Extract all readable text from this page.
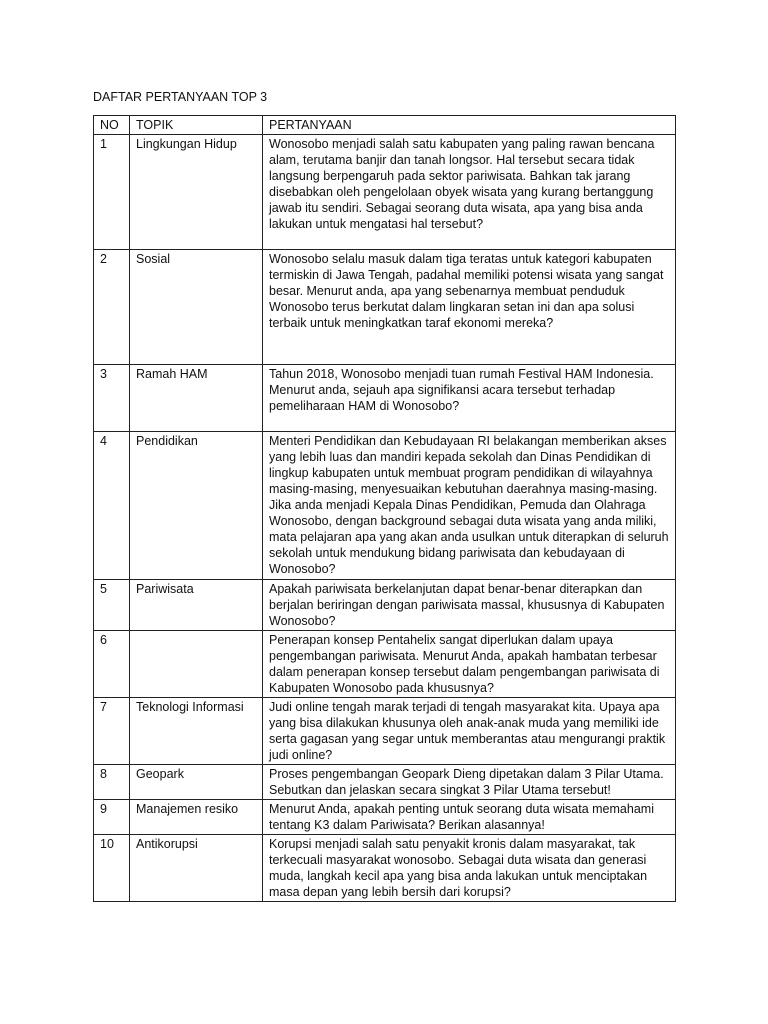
DAFTAR PERTANYAAN TOP 3
NO	TOPIK	PERTANYAAN
1	Lingkungan Hidup	Wonosobo menjadi salah satu kabupaten yang paling rawan bencana alam, terutama banjir dan tanah longsor. Hal tersebut secara tidak langsung berpengaruh pada sektor pariwisata. Bahkan tak jarang disebabkan oleh pengelolaan obyek wisata yang kurang bertanggung jawab itu sendiri. Sebagai seorang duta wisata, apa yang bisa anda lakukan untuk mengatasi hal tersebut?
2	Sosial	Wonosobo selalu masuk dalam tiga teratas untuk kategori kabupaten termiskin di Jawa Tengah, padahal memiliki potensi wisata yang sangat besar. Menurut anda, apa yang sebenarnya membuat penduduk Wonosobo terus berkutat dalam lingkaran setan ini dan apa solusi terbaik untuk meningkatkan taraf ekonomi mereka?
3	Ramah HAM	Tahun 2018, Wonosobo menjadi tuan rumah Festival HAM Indonesia. Menurut anda, sejauh apa signifikansi acara tersebut terhadap pemeliharaan HAM di Wonosobo?
4	Pendidikan	Menteri Pendidikan dan Kebudayaan RI belakangan memberikan akses yang lebih luas dan mandiri kepada sekolah dan Dinas Pendidikan di lingkup kabupaten untuk membuat program pendidikan di wilayahnya masing-masing, menyesuaikan kebutuhan daerahnya masing-masing. Jika anda menjadi Kepala Dinas Pendidikan, Pemuda dan Olahraga Wonosobo, dengan background sebagai duta wisata yang anda miliki, mata pelajaran apa yang akan anda usulkan untuk diterapkan di seluruh sekolah untuk mendukung bidang pariwisata dan kebudayaan di Wonosobo?
5	Pariwisata	Apakah pariwisata berkelanjutan dapat benar-benar diterapkan dan berjalan beriringan dengan pariwisata massal, khususnya di Kabupaten Wonosobo?
6		Penerapan konsep Pentahelix sangat diperlukan dalam upaya pengembangan pariwisata. Menurut Anda, apakah hambatan terbesar dalam penerapan konsep tersebut dalam pengembangan pariwisata di Kabupaten Wonosobo pada khususnya?
7	Teknologi Informasi	Judi online tengah marak terjadi di tengah masyarakat kita. Upaya apa yang bisa dilakukan khusunya oleh anak-anak muda yang memiliki ide serta gagasan yang segar untuk memberantas atau mengurangi praktik judi online?
8	Geopark	Proses pengembangan Geopark Dieng dipetakan dalam 3 Pilar Utama. Sebutkan dan jelaskan secara singkat 3 Pilar Utama tersebut!
9	Manajemen resiko	Menurut Anda, apakah penting untuk seorang duta wisata memahami tentang K3 dalam Pariwisata? Berikan alasannya!
10	Antikorupsi	Korupsi menjadi salah satu penyakit kronis dalam masyarakat, tak terkecuali masyarakat wonosobo. Sebagai duta wisata dan generasi muda, langkah kecil apa yang bisa anda lakukan untuk menciptakan masa depan yang lebih bersih dari korupsi?
